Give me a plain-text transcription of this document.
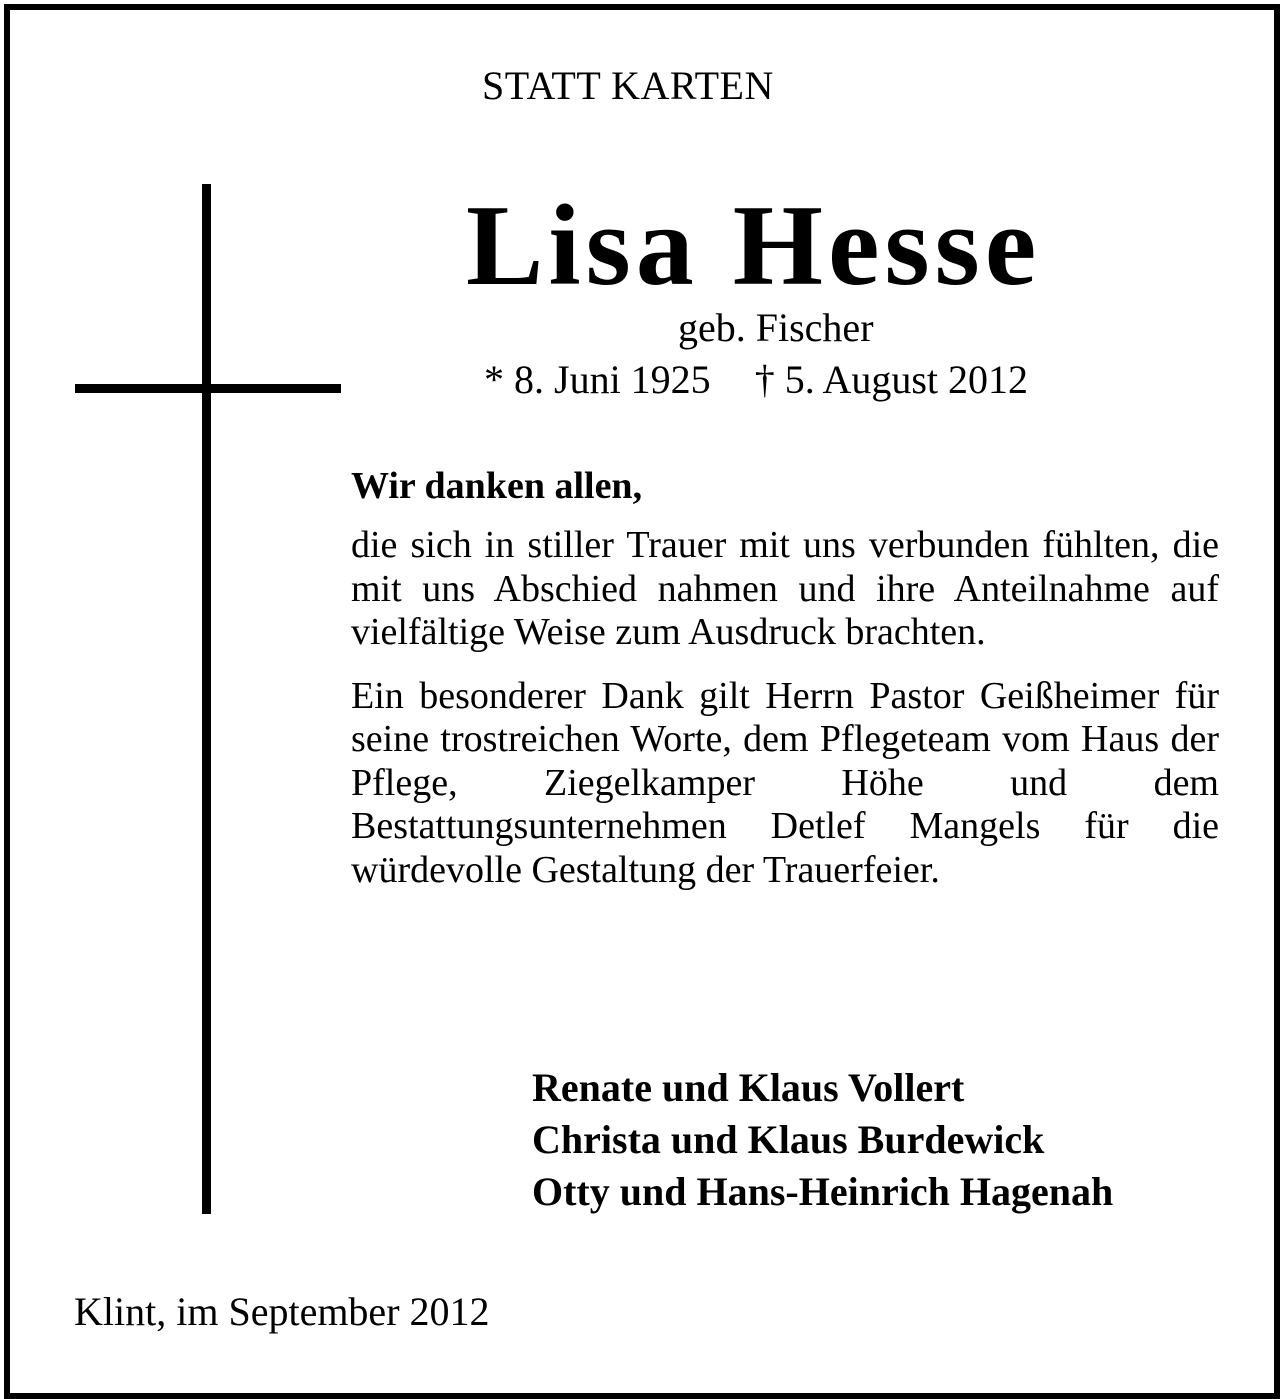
STATT KARTEN
Lisa Hesse
geb. Fischer
* 8. Juni 1925 † 5. August 2012
Wir danken allen,

die sich in stiller Trauer mit uns verbunden fühlten, die mit uns Abschied nahmen und ihre Anteilnahme auf vielfältige Weise zum Ausdruck brachten.

Ein besonderer Dank gilt Herrn Pastor Geißheimer für seine trostreichen Worte, dem Pflegeteam vom Haus der Pflege, Ziegelkamper Höhe und dem Bestattungsunternehmen Detlef Mangels für die würdevolle Gestaltung der Trauerfeier.

Renate und Klaus Vollert
Christa und Klaus Burdewick
Otty und Hans-Heinrich Hagenah
Klint, im September 2012
